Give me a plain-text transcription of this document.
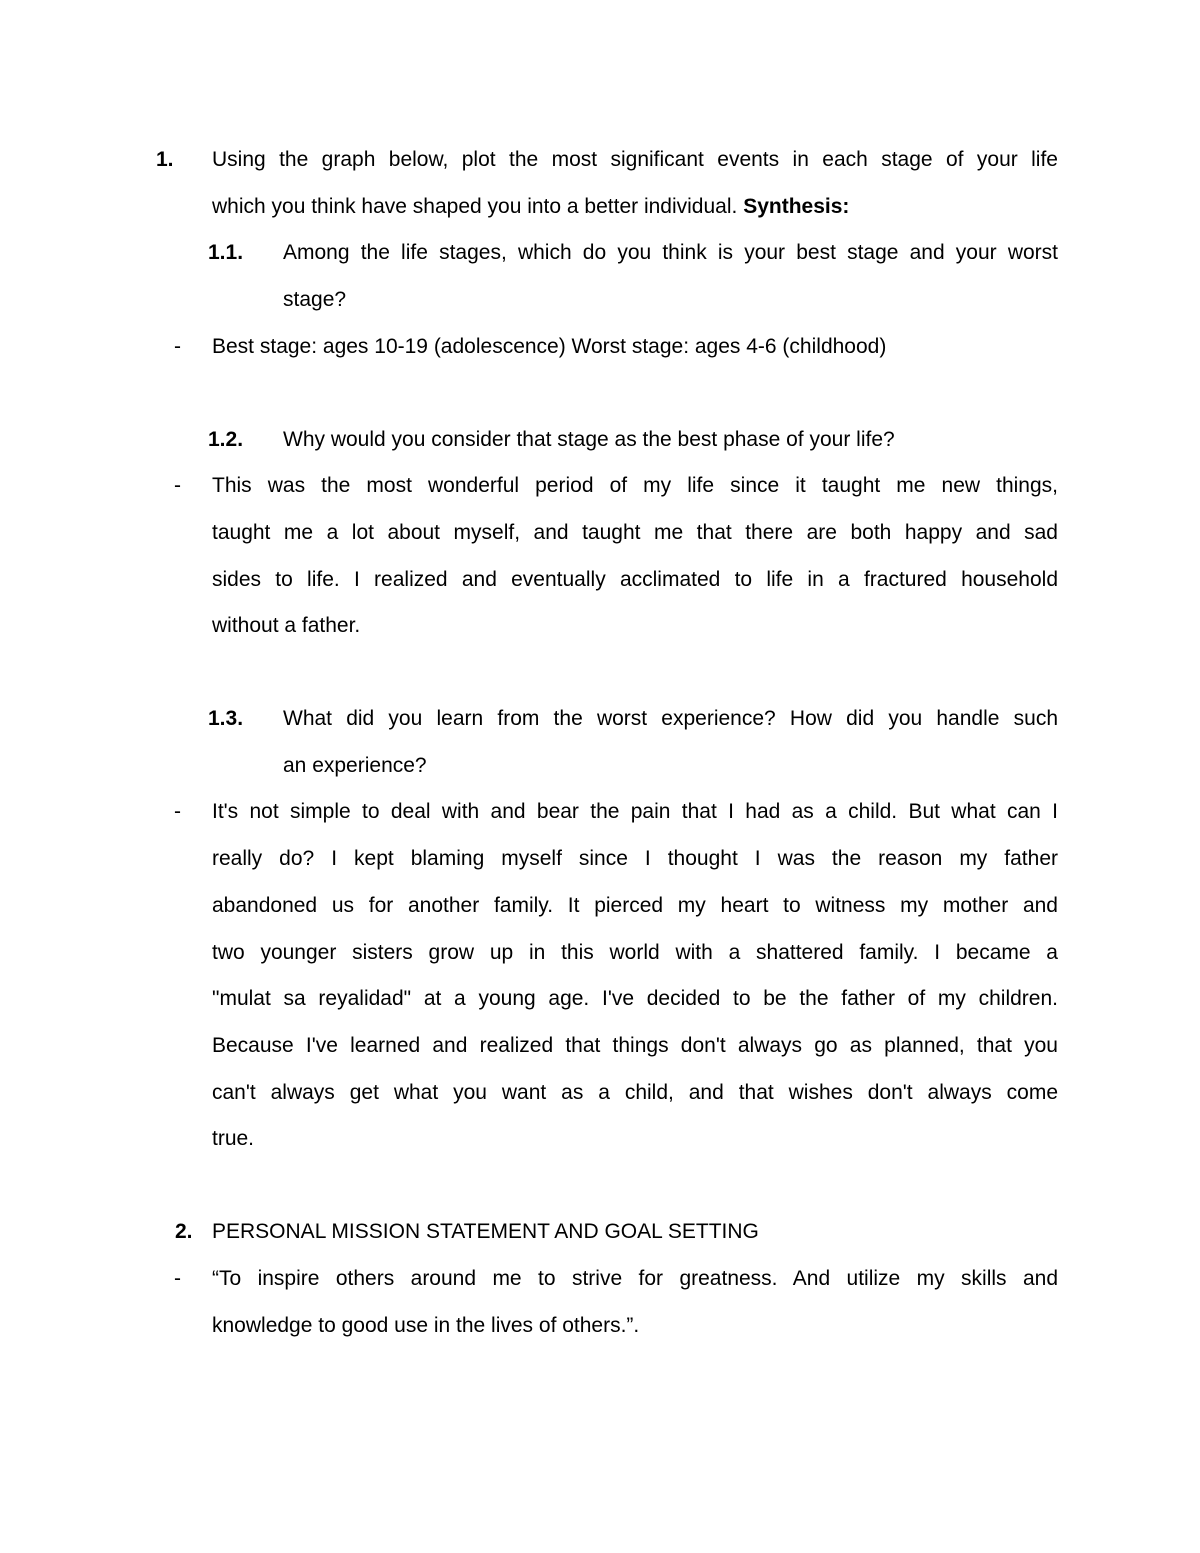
1. Using the graph below, plot the most significant events in each stage of your life
which you think have shaped you into a better individual. Synthesis:
1.1. Among the life stages, which do you think is your best stage and your worst
stage?
- Best stage: ages 10-19 (adolescence) Worst stage: ages 4-6 (childhood)
1.2. Why would you consider that stage as the best phase of your life?
- This was the most wonderful period of my life since it taught me new things,
taught me a lot about myself, and taught me that there are both happy and sad
sides to life. I realized and eventually acclimated to life in a fractured household
without a father.
1.3. What did you learn from the worst experience? How did you handle such
an experience?
- It's not simple to deal with and bear the pain that I had as a child. But what can I
really do? I kept blaming myself since I thought I was the reason my father
abandoned us for another family. It pierced my heart to witness my mother and
two younger sisters grow up in this world with a shattered family. I became a
"mulat sa reyalidad" at a young age. I've decided to be the father of my children.
Because I've learned and realized that things don't always go as planned, that you
can't always get what you want as a child, and that wishes don't always come
true.
2. PERSONAL MISSION STATEMENT AND GOAL SETTING
- “To inspire others around me to strive for greatness. And utilize my skills and
knowledge to good use in the lives of others.”.
